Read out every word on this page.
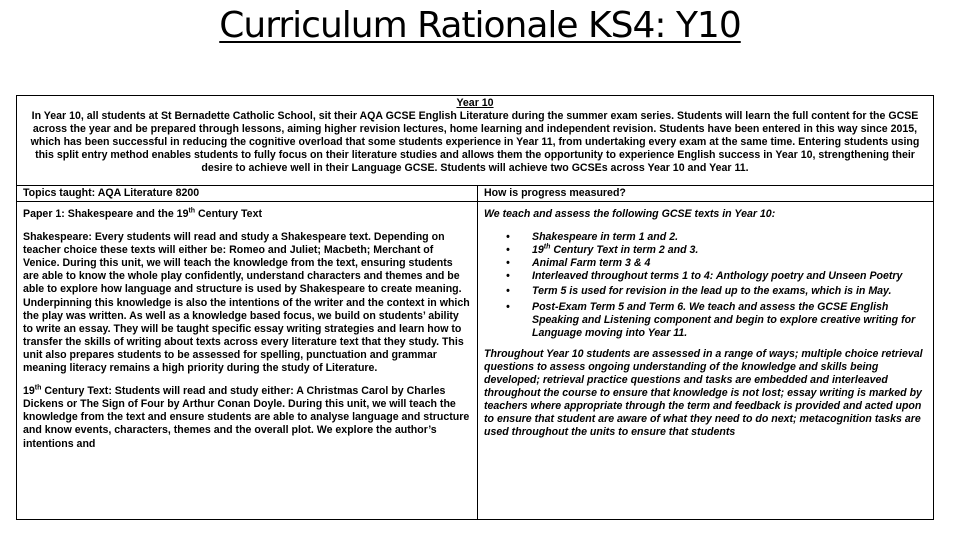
Curriculum Rationale KS4: Y10
Year 10
In Year 10, all students at St Bernadette Catholic School, sit their AQA GCSE English Literature during the summer exam series. Students will learn the full content for the GCSE across the year and be prepared through lessons, aiming higher revision lectures, home learning and independent revision. Students have been entered in this way since 2015, which has been successful in reducing the cognitive overload that some students experience in Year 11, from undertaking every exam at the same time. Entering students using this split entry method enables students to fully focus on their literature studies and allows them the opportunity to experience English success in Year 10, strengthening their desire to achieve well in their Language GCSE. Students will achieve two GCSEs across Year 10 and Year 11.
Topics taught: AQA Literature 8200

Paper 1: Shakespeare and the 19th Century Text

Shakespeare: Every students will read and study a Shakespeare text. Depending on teacher choice these texts will either be: Romeo and Juliet; Macbeth; Merchant of Venice. During this unit, we will teach the knowledge from the text, ensuring students are able to know the whole play confidently, understand characters and themes and be able to explore how language and structure is used by Shakespeare to create meaning. Underpinning this knowledge is also the intentions of the writer and the context in which the play was written. As well as a knowledge based focus, we build on students’ ability to write an essay. They will be taught specific essay writing strategies and learn how to transfer the skills of writing about texts across every literature text that they study. This unit also prepares students to be assessed for spelling, punctuation and grammar meaning literacy remains a high priority during the study of Literature.

19th Century Text: Students will read and study either: A Christmas Carol by Charles Dickens or The Sign of Four by Arthur Conan Doyle. During this unit, we will teach the knowledge from the text and ensure students are able to analyse language and structure and know events, characters, themes and the overall plot. We explore the author’s intentions and

How is progress measured?

We teach and assess the following GCSE texts in Year 10:

• Shakespeare in term 1 and 2.
• 19th Century Text in term 2 and 3.
• Animal Farm term 3 & 4
• Interleaved throughout terms 1 to 4: Anthology poetry and Unseen Poetry
• Term 5 is used for revision in the lead up to the exams, which is in May.
• Post-Exam Term 5 and Term 6. We teach and assess the GCSE English Speaking and Listening component and begin to explore creative writing for Language moving into Year 11.

Throughout Year 10 students are assessed in a range of ways; multiple choice retrieval questions to assess ongoing understanding of the knowledge and skills being developed; retrieval practice questions and tasks are embedded and interleaved throughout the course to ensure that knowledge is not lost; essay writing is marked by teachers where appropriate through the term and feedback is provided and acted upon to ensure that student are aware of what they need to do next; metacognition tasks are used throughout the units to ensure that students
